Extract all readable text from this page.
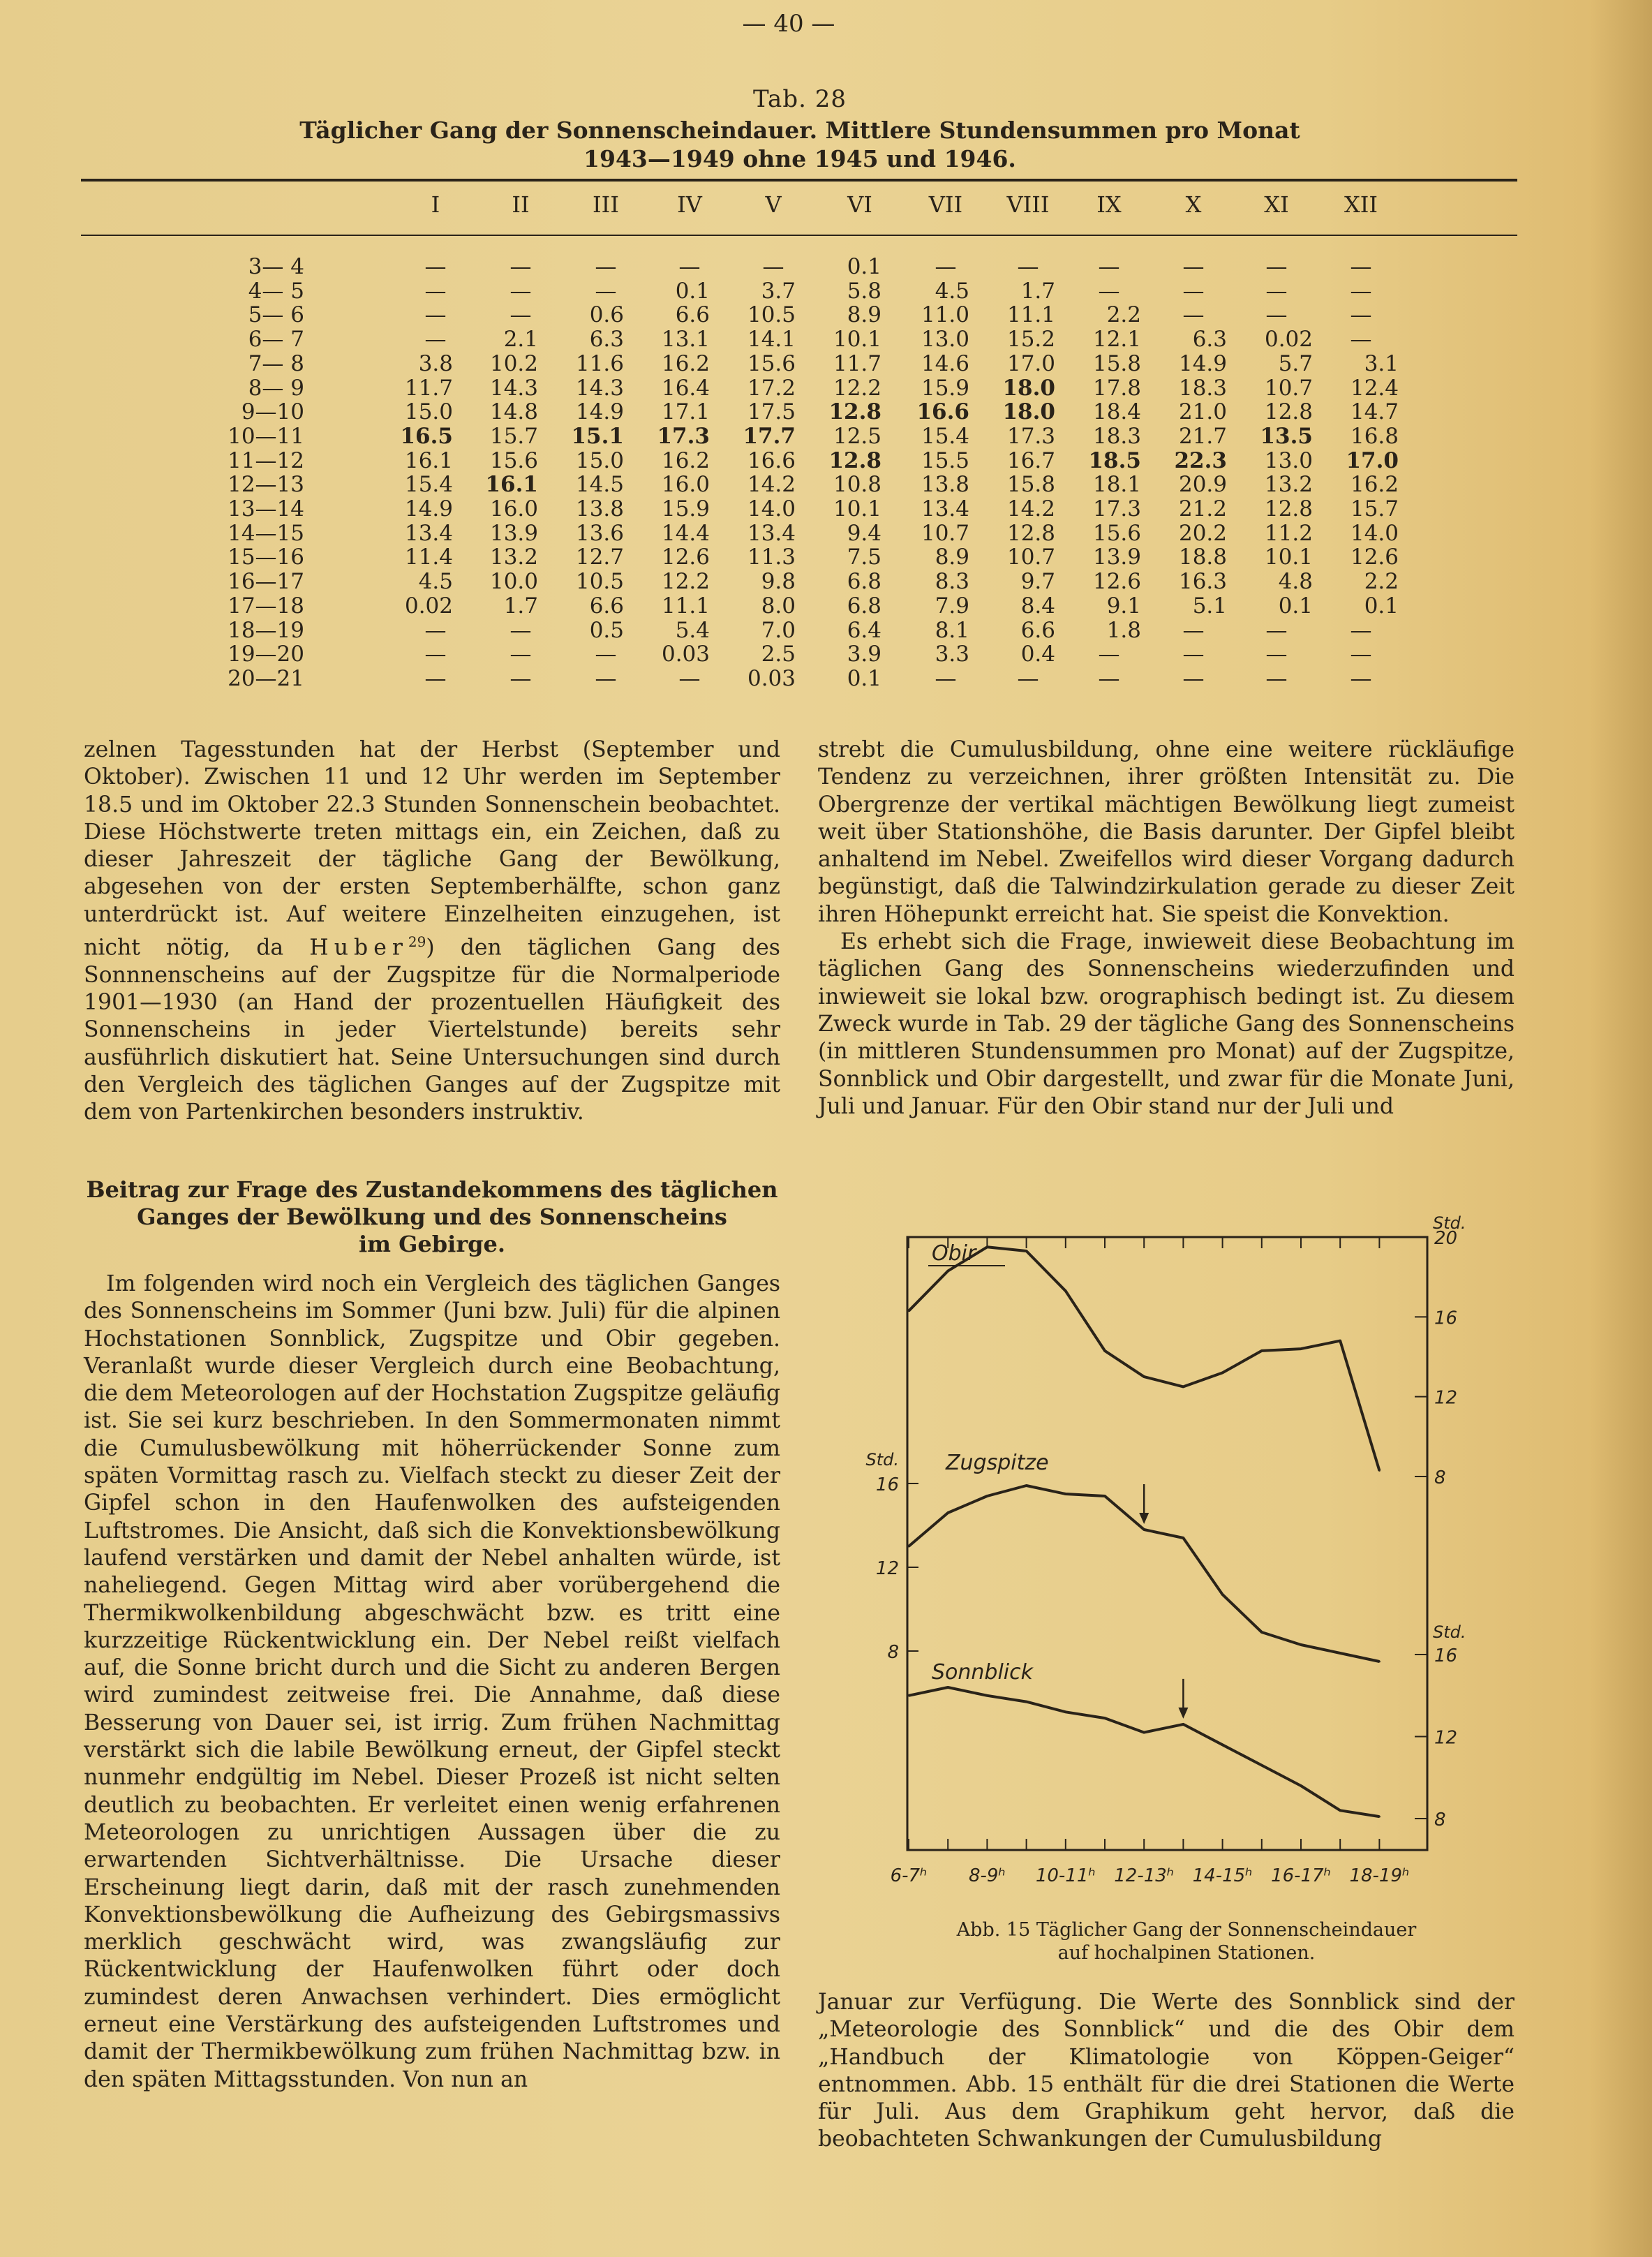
— 40 —
Tab. 28
Täglicher Gang der Sonnenscheindauer. Mittlere Stundensummen pro Monat
1943—1949 ohne 1945 und 1946.
I	II	III	IV	V	VI	VII	VIII	IX	X	XI	XII
3— 4	—	—	—	—	—	0.1	—	—	—	—	—	—
4— 5	—	—	—	0.1	3.7	5.8	4.5	1.7	—	—	—	—
5— 6	—	—	0.6	6.6	10.5	8.9	11.0	11.1	2.2	—	—	—
6— 7	—	2.1	6.3	13.1	14.1	10.1	13.0	15.2	12.1	6.3	0.02	—
7— 8	3.8	10.2	11.6	16.2	15.6	11.7	14.6	17.0	15.8	14.9	5.7	3.1
8— 9	11.7	14.3	14.3	16.4	17.2	12.2	15.9	18.0	17.8	18.3	10.7	12.4
9—10	15.0	14.8	14.9	17.1	17.5	12.8	16.6	18.0	18.4	21.0	12.8	14.7
10—11	16.5	15.7	15.1	17.3	17.7	12.5	15.4	17.3	18.3	21.7	13.5	16.8
11—12	16.1	15.6	15.0	16.2	16.6	12.8	15.5	16.7	18.5	22.3	13.0	17.0
12—13	15.4	16.1	14.5	16.0	14.2	10.8	13.8	15.8	18.1	20.9	13.2	16.2
13—14	14.9	16.0	13.8	15.9	14.0	10.1	13.4	14.2	17.3	21.2	12.8	15.7
14—15	13.4	13.9	13.6	14.4	13.4	9.4	10.7	12.8	15.6	20.2	11.2	14.0
15—16	11.4	13.2	12.7	12.6	11.3	7.5	8.9	10.7	13.9	18.8	10.1	12.6
16—17	4.5	10.0	10.5	12.2	9.8	6.8	8.3	9.7	12.6	16.3	4.8	2.2
17—18	0.02	1.7	6.6	11.1	8.0	6.8	7.9	8.4	9.1	5.1	0.1	0.1
18—19	—	—	0.5	5.4	7.0	6.4	8.1	6.6	1.8	—	—	—
19—20	—	—	—	0.03	2.5	3.9	3.3	0.4	—	—	—	—
20—21	—	—	—	—	0.03	0.1	—	—	—	—	—	—

zelnen Tagesstunden hat der Herbst (September und Oktober). Zwischen 11 und 12 Uhr werden im September 18.5 und im Oktober 22.3 Stunden Sonnenschein beobachtet. Diese Höchstwerte treten mittags ein, ein Zeichen, daß zu dieser Jahreszeit der tägliche Gang der Bewölkung, abgesehen von der ersten Septemberhälfte, schon ganz unterdrückt ist. Auf weitere Einzelheiten einzugehen, ist nicht nötig, da Huber$^{29}$) den täglichen Gang des Sonnnenscheins auf der Zugspitze für die Normalperiode 1901—1930 (an Hand der prozentuellen Häufigkeit des Sonnenscheins in jeder Viertelstunde) bereits sehr ausführlich diskutiert hat. Seine Untersuchungen sind durch den Vergleich des täglichen Ganges auf der Zugspitze mit dem von Partenkirchen besonders instruktiv.

Beitrag zur Frage des Zustandekommens des täglichen
Ganges der Bewölkung und des Sonnenscheins
im Gebirge.

Im folgenden wird noch ein Vergleich des täglichen Ganges des Sonnenscheins im Sommer (Juni bzw. Juli) für die alpinen Hochstationen Sonnblick, Zugspitze und Obir gegeben. Veranlaßt wurde dieser Vergleich durch eine Beobachtung, die dem Meteorologen auf der Hochstation Zugspitze geläufig ist. Sie sei kurz beschrieben. In den Sommermonaten nimmt die Cumulusbewölkung mit höherrückender Sonne zum späten Vormittag rasch zu. Vielfach steckt zu dieser Zeit der Gipfel schon in den Haufenwolken des aufsteigenden Luftstromes. Die Ansicht, daß sich die Konvektionsbewölkung laufend verstärken und damit der Nebel anhalten würde, ist naheliegend. Gegen Mittag wird aber vorübergehend die Thermikwolkenbildung abgeschwächt bzw. es tritt eine kurzzeitige Rückentwicklung ein. Der Nebel reißt vielfach auf, die Sonne bricht durch und die Sicht zu anderen Bergen wird zumindest zeitweise frei. Die Annahme, daß diese Besserung von Dauer sei, ist irrig. Zum frühen Nachmittag verstärkt sich die labile Bewölkung erneut, der Gipfel steckt nunmehr endgültig im Nebel. Dieser Prozeß ist nicht selten deutlich zu beobachten. Er verleitet einen wenig erfahrenen Meteorologen zu unrichtigen Aussagen über die zu erwartenden Sichtverhältnisse. Die Ursache dieser Erscheinung liegt darin, daß mit der rasch zunehmenden Konvektionsbewölkung die Aufheizung des Gebirgsmassivs merklich geschwächt wird, was zwangsläufig zur Rückentwicklung der Haufenwolken führt oder doch zumindest deren Anwachsen verhindert. Dies ermöglicht erneut eine Verstärkung des aufsteigenden Luftstromes und damit der Thermikbewölkung zum frühen Nachmittag bzw. in den späten Mittagsstunden. Von nun an

strebt die Cumulusbildung, ohne eine weitere rückläufige Tendenz zu verzeichnen, ihrer größten Intensität zu. Die Obergrenze der vertikal mächtigen Bewölkung liegt zumeist weit über Stationshöhe, die Basis darunter. Der Gipfel bleibt anhaltend im Nebel. Zweifellos wird dieser Vorgang dadurch begünstigt, daß die Talwindzirkulation gerade zu dieser Zeit ihren Höhepunkt erreicht hat. Sie speist die Konvektion.

Es erhebt sich die Frage, inwieweit diese Beobachtung im täglichen Gang des Sonnenscheins wiederzufinden und inwieweit sie lokal bzw. orographisch bedingt ist. Zu diesem Zweck wurde in Tab. 29 der tägliche Gang des Sonnenscheins (in mittleren Stundensummen pro Monat) auf der Zugspitze, Sonnblick und Obir dargestellt, und zwar für die Monate Juni, Juli und Januar. Für den Obir stand nur der Juli und

6-7ʰ 8-9ʰ 10-11ʰ 12-13ʰ 14-15ʰ 16-17ʰ 18-19ʰ
20
16
12
8
Std.
16
12
8
Std.
16
12
8
Std.
Obir
Zugspitze
Sonnblick
Abb. 15 Täglicher Gang der Sonnenscheindauer
auf hochalpinen Stationen.

Januar zur Verfügung. Die Werte des Sonnblick sind der „Meteorologie des Sonnblick“ und die des Obir dem „Handbuch der Klimatologie von Köppen-Geiger“ entnommen. Abb. 15 enthält für die drei Stationen die Werte für Juli. Aus dem Graphikum geht hervor, daß die beobachteten Schwankungen der Cumulusbildung
